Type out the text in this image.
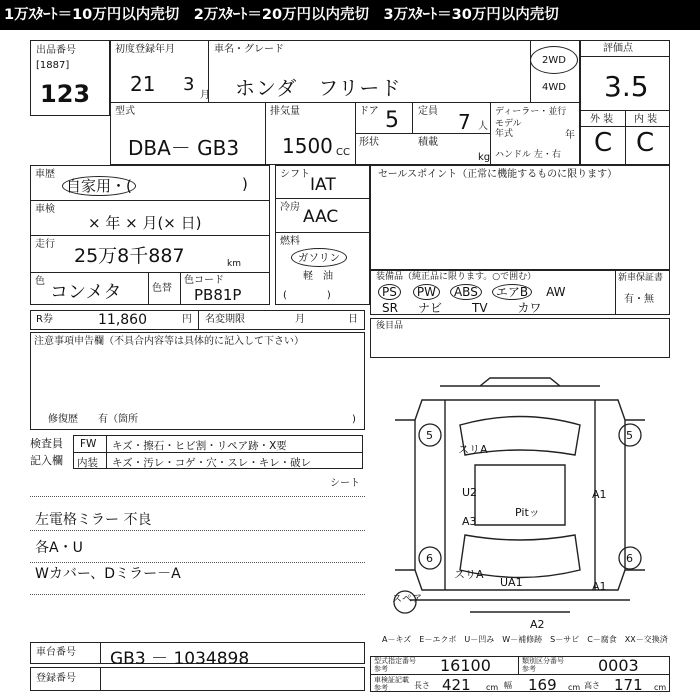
1万ｽﾀｰﾄ＝10万円以内売切　2万ｽﾀｰﾄ＝20万円以内売切　3万ｽﾀｰﾄ＝30万円以内売切
出品番号
[1887]
123
初度登録年月
21 3
月
車名・グレード
ホンダ　フリード
2WD
4WD
型式
DBA－ GB3
排気量
1500 CC
ドア 5 定員 7 人
形状	積載
kg
ディーラー・並行
モデル
年式	年
ハンドル 左・右
評価点
3.5
外 装 内 装
C C
車歴
自家用・(	)
車検
× 年 × 月(× 日)
走行
25万8千887	km
色
コンメタ	色替
色コード
PB81P
シフト
IAT
冷房 AAC
燃料
ガソリン
軽　油
(　　　　)
セールスポイント（正常に機能するものに限ります）
装備品（純正品に限ります。○で囲む）
PS PW ABS エアB AW
SR ナビ	TV	カワ
新車保証書
有・無
R券	11,860	円 名変期限	月	日
注意事項申告欄（不具合内容等は具体的に記入して下さい）
修復歴　　有（箇所	)
後目品
検査員
記入欄
FW キズ・擦石・ヒビ割・リペア跡・X要
内装 キズ・汚レ・コゲ・穴・スレ・キレ・破レ
シート
左電格ミラー 不良
各A・U
Wカバー、Dミラー－A
5	5
スリA
U2	A1
A3
Pitッ
6	6
スリA
UA1	A1
A2
スペア
A－キズ　E－エクボ　U－凹み　W－補修跡　S－サビ　C－腐食　XX－交換済
車台番号 GB3 － 1034898
登録番号
型式指定番号
参考	16100	類別区分番号
参考	0003
車検証記載
参考	長さ 421 cm 幅 169 cm 高さ 171 cm
